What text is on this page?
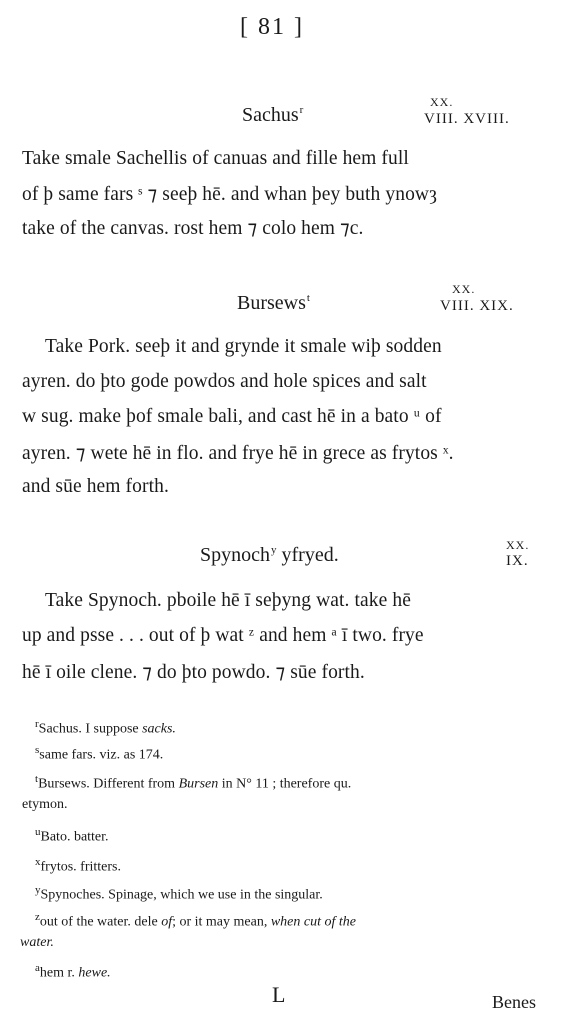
[ 81 ]
Sachus$^r$
XX.
VIII. XVIII.
Take smale Sachellis of canuas and fille hem full
of þ same fars ˢ ⁊ seeþ hē. and whan þey buth ynowȝ
take of the canvas. rost hem ⁊ colo hem ⁊c.
Bursews$^t$
XX.
VIII. XIX.
Take Pork. seeþ it and grynde it smale wiþ sodden
ayren. do þto gode powdos and hole spices and salt
w sug. make þof smale bali, and cast hē in a bato ᵘ of
ayren. ⁊ wete hē in flo. and frye hē in grece as frytos ˣ.
and sūe hem forth.
Spynoch$^y$ yfryed.	XX.
IX.
Take Spynoch. pboile hē ī seþyng wat. take hē
up and psse . . . out of þ wat ᶻ and hem ᵃ ī two. frye
hē ī oile clene. ⁊ do þto powdo. ⁊ sūe forth.
$^r$Sachus. I suppose sacks.
$^s$same fars. viz. as 174.
$^t$Bursews. Different from Bursen in N° 11 ; therefore qu.
etymon.
$^u$Bato. batter.
$^x$frytos. fritters.
$^y$Spynoches. Spinage, which we use in the singular.
$^z$out of the water. dele of; or it may mean, when cut of the
water.
$^a$hem r. hewe.
L	Benes
